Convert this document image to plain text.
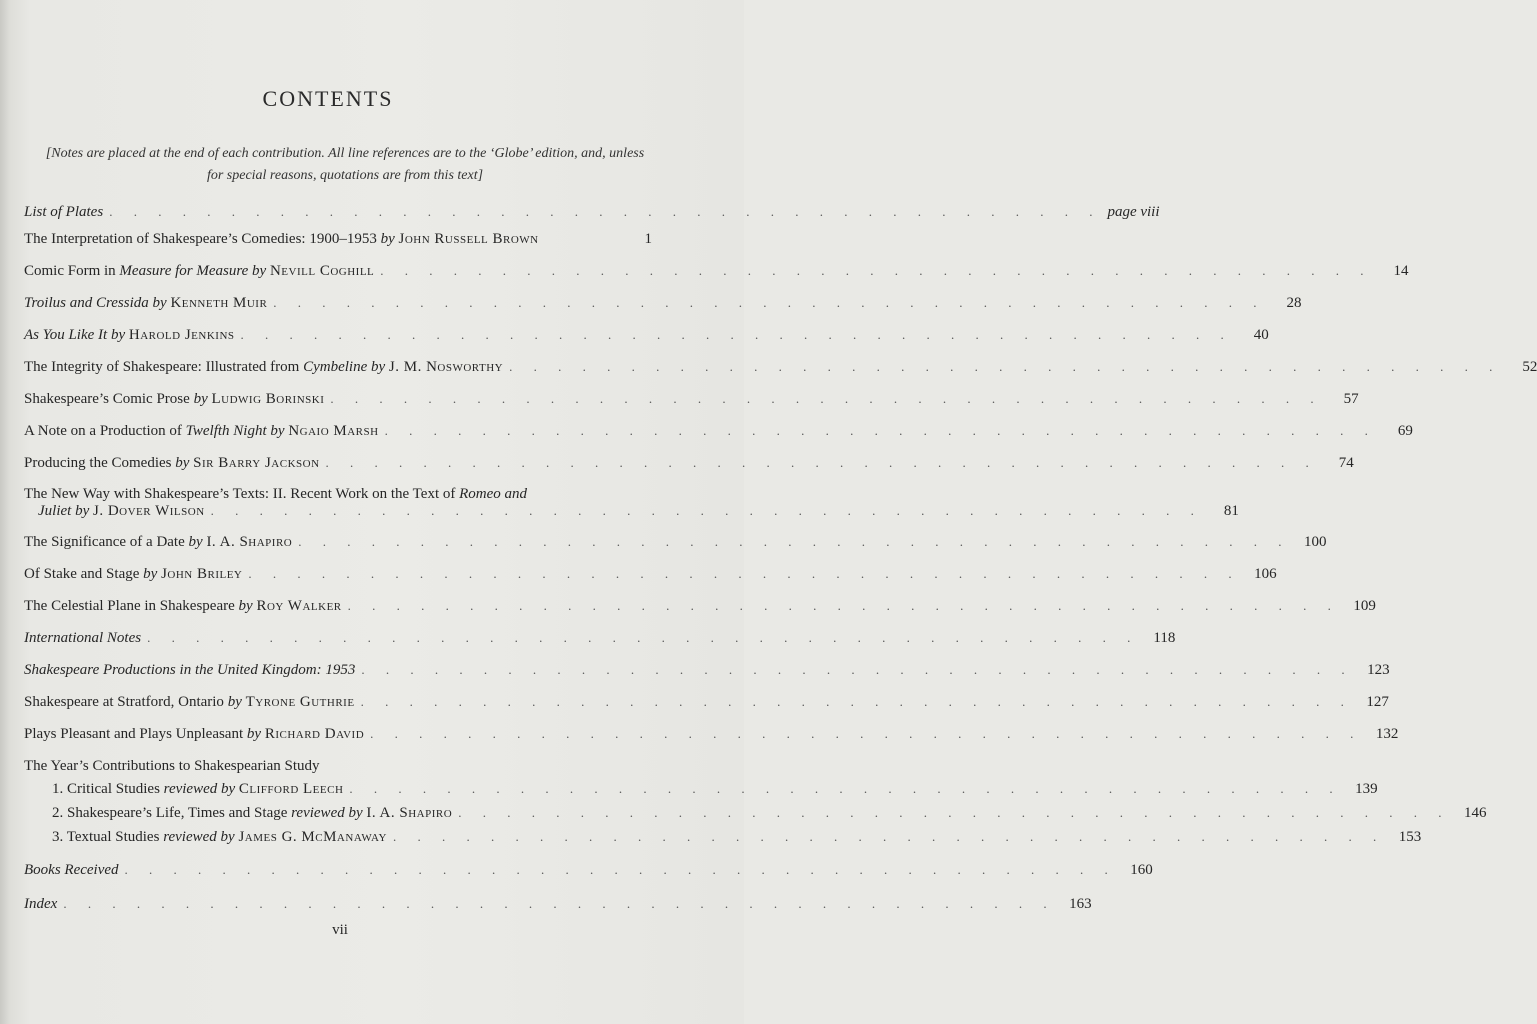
CONTENTS
[Notes are placed at the end of each contribution. All line references are to the ‘Globe’ edition, and, unless for special reasons, quotations are from this text]
List of Plates . . . . . . . . . . . . . . . . . . . . . . . . . . . . . . . . . . . . . . . . . page viii
The Interpretation of Shakespeare’s Comedies: 1900–1953 by John Russell Brown	1
Comic Form in Measure for Measure by Nevill Coghill . . . . . . . . . . . . . . . . . . . . . . . . . . . . . . . . . . . . . . . . .	14
Troilus and Cressida by Kenneth Muir . . . . . . . . . . . . . . . . . . . . . . . . . . . . . . . . . . . . . . . . .	28
As You Like It by Harold Jenkins . . . . . . . . . . . . . . . . . . . . . . . . . . . . . . . . . . . . . . . . .	40
The Integrity of Shakespeare: Illustrated from Cymbeline by J. M. Nosworthy . . . . . . . . . . . . . . . . . . . . . . . . . . . . . . . . . . . . . . . . .	52
Shakespeare’s Comic Prose by Ludwig Borinski . . . . . . . . . . . . . . . . . . . . . . . . . . . . . . . . . . . . . . . . .	57
A Note on a Production of Twelfth Night by Ngaio Marsh . . . . . . . . . . . . . . . . . . . . . . . . . . . . . . . . . . . . . . . . .	69
Producing the Comedies by Sir Barry Jackson . . . . . . . . . . . . . . . . . . . . . . . . . . . . . . . . . . . . . . . . .	74
The New Way with Shakespeare’s Texts: II. Recent Work on the Text of Romeo and
Juliet by J. Dover Wilson . . . . . . . . . . . . . . . . . . . . . . . . . . . . . . . . . . . . . . . . .	81
The Significance of a Date by I. A. Shapiro . . . . . . . . . . . . . . . . . . . . . . . . . . . . . . . . . . . . . . . . . 100
Of Stake and Stage by John Briley . . . . . . . . . . . . . . . . . . . . . . . . . . . . . . . . . . . . . . . . . 106
The Celestial Plane in Shakespeare by Roy Walker . . . . . . . . . . . . . . . . . . . . . . . . . . . . . . . . . . . . . . . . . 109
International Notes . . . . . . . . . . . . . . . . . . . . . . . . . . . . . . . . . . . . . . . . . 118
Shakespeare Productions in the United Kingdom: 1953 . . . . . . . . . . . . . . . . . . . . . . . . . . . . . . . . . . . . . . . . . 123
Shakespeare at Stratford, Ontario by Tyrone Guthrie . . . . . . . . . . . . . . . . . . . . . . . . . . . . . . . . . . . . . . . . . 127
Plays Pleasant and Plays Unpleasant by Richard David . . . . . . . . . . . . . . . . . . . . . . . . . . . . . . . . . . . . . . . . . 132
The Year’s Contributions to Shakespearian Study
1. Critical Studies reviewed by Clifford Leech . . . . . . . . . . . . . . . . . . . . . . . . . . . . . . . . . . . . . . . . . 139
2. Shakespeare’s Life, Times and Stage reviewed by I. A. Shapiro . . . . . . . . . . . . . . . . . . . . . . . . . . . . . . . . . . . . . . . . . 146
3. Textual Studies reviewed by James G. McManaway . . . . . . . . . . . . . . . . . . . . . . . . . . . . . . . . . . . . . . . . . 153
Books Received . . . . . . . . . . . . . . . . . . . . . . . . . . . . . . . . . . . . . . . . . 160
Index . . . . . . . . . . . . . . . . . . . . . . . . . . . . . . . . . . . . . . . . . 163
vii
